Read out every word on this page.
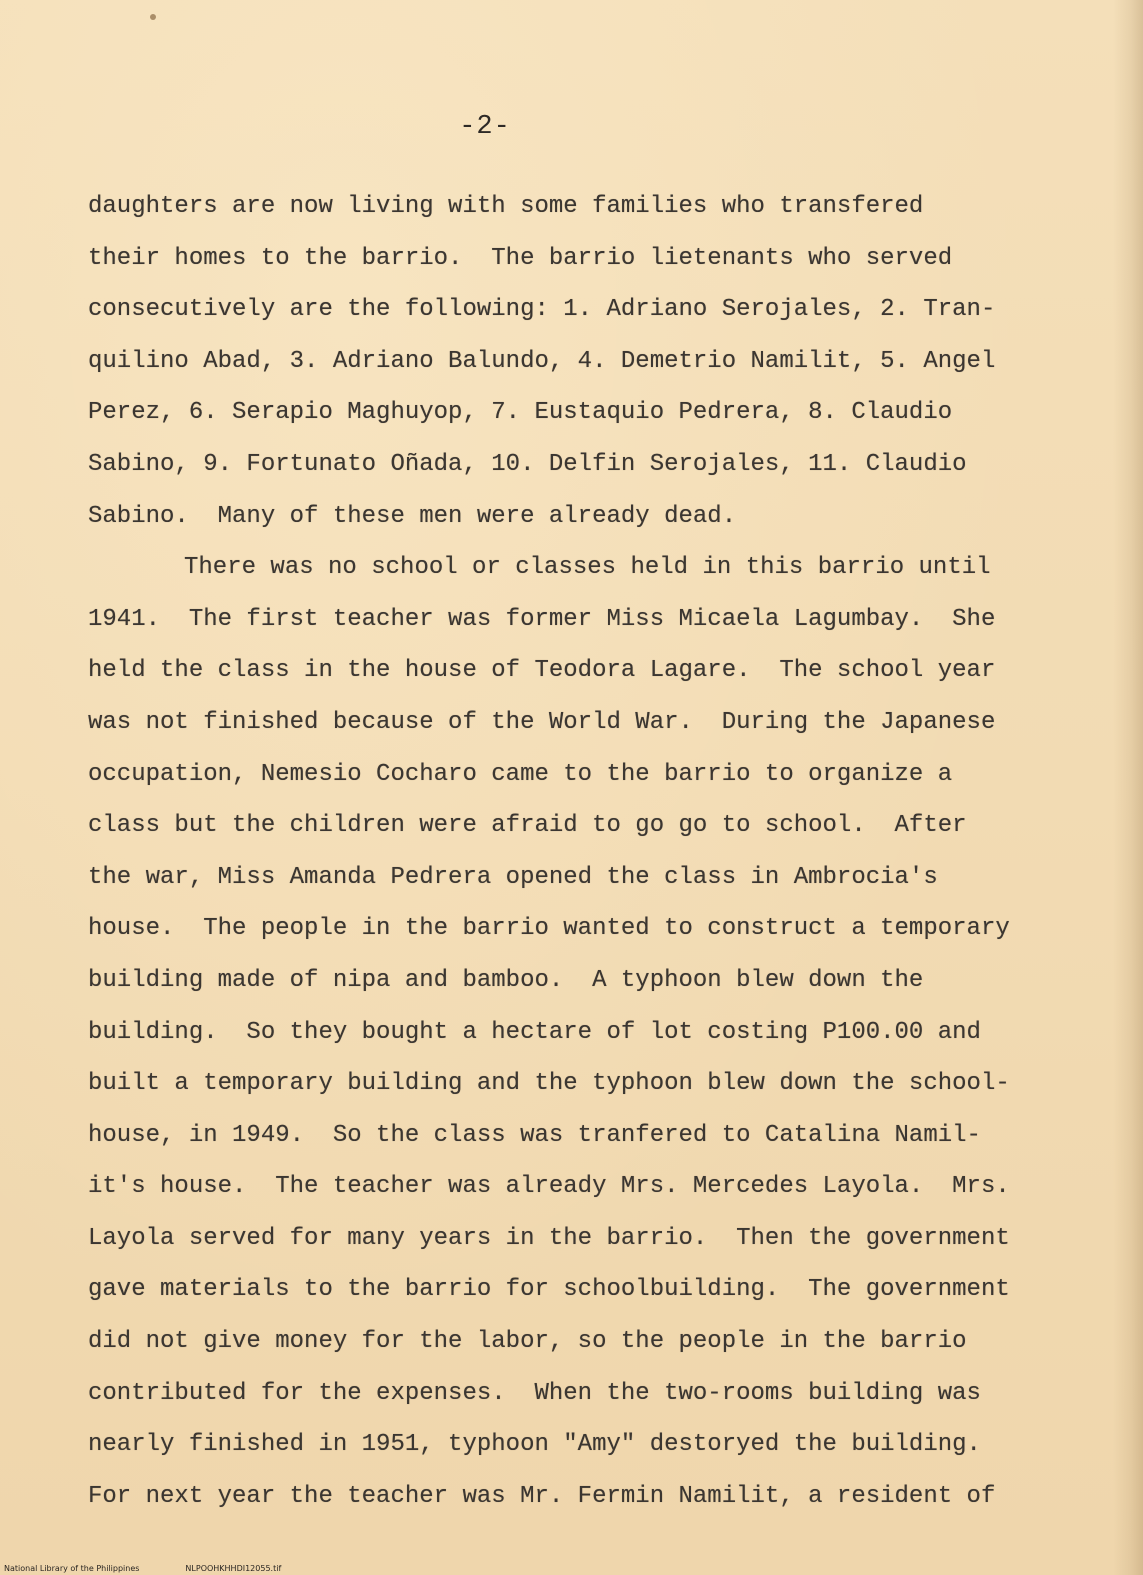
-2-
daughters are now living with some families who transfered
their homes to the barrio.  The barrio lietenants who served
consecutively are the following: 1. Adriano Serojales, 2. Tran-
quilino Abad, 3. Adriano Balundo, 4. Demetrio Namilit, 5. Angel
Perez, 6. Serapio Maghuyop, 7. Eustaquio Pedrera, 8. Claudio
Sabino, 9. Fortunato Oñada, 10. Delfin Serojales, 11. Claudio
Sabino.  Many of these men were already dead.
There was no school or classes held in this barrio until
1941.  The first teacher was former Miss Micaela Lagumbay.  She
held the class in the house of Teodora Lagare.  The school year
was not finished because of the World War.  During the Japanese
occupation, Nemesio Cocharo came to the barrio to organize a
class but the children were afraid to go go to school.  After
the war, Miss Amanda Pedrera opened the class in Ambrocia's
house.  The people in the barrio wanted to construct a temporary
building made of nipa and bamboo.  A typhoon blew down the
building.  So they bought a hectare of lot costing P100.00 and
built a temporary building and the typhoon blew down the school-
house, in 1949.  So the class was tranfered to Catalina Namil-
it's house.  The teacher was already Mrs. Mercedes Layola.  Mrs.
Layola served for many years in the barrio.  Then the government
gave materials to the barrio for schoolbuilding.  The government
did not give money for the labor, so the people in the barrio
contributed for the expenses.  When the two-rooms building was
nearly finished in 1951, typhoon "Amy" destoryed the building.
For next year the teacher was Mr. Fermin Namilit, a resident of
National Library of the Philippines	NLPOOHKHHDI12055.tif
